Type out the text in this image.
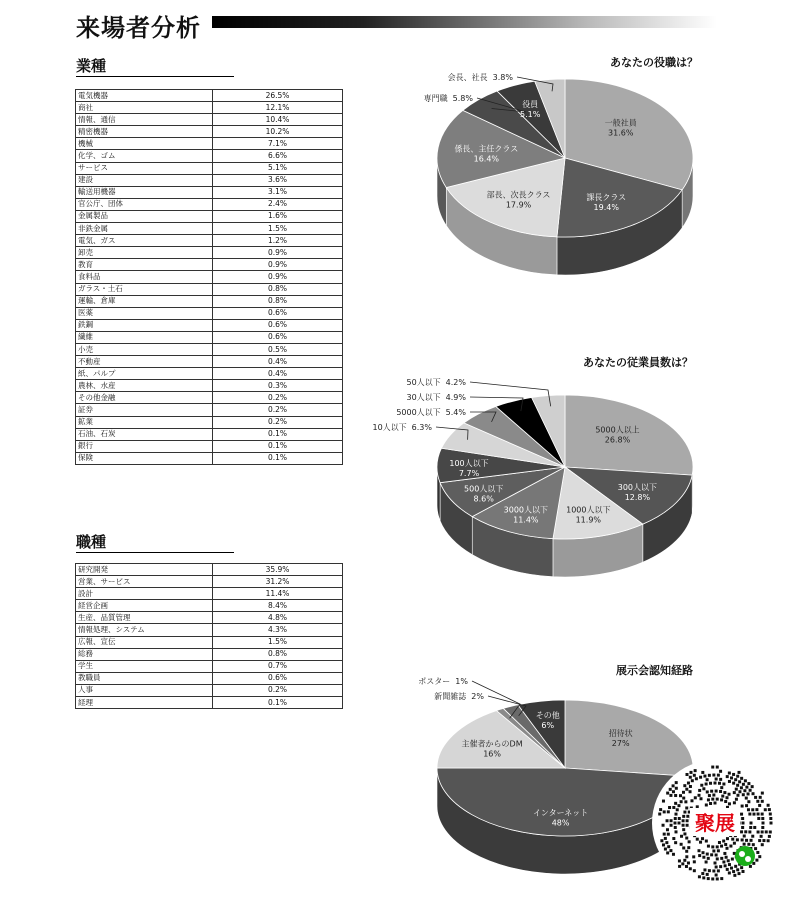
来場者分析
業種
電気機器	26.5%
商社	12.1%
情報、通信	10.4%
精密機器	10.2%
機械	7.1%
化学、ゴム	6.6%
サービス	5.1%
建設	3.6%
輸送用機器	3.1%
官公庁、団体	2.4%
金属製品	1.6%
非鉄金属	1.5%
電気、ガス	1.2%
卸売	0.9%
教育	0.9%
食料品	0.9%
ガラス・土石	0.8%
運輸、倉庫	0.8%
医薬	0.6%
鉄鋼	0.6%
繊維	0.6%
小売	0.5%
不動産	0.4%
紙、パルプ	0.4%
農林、水産	0.3%
その他金融	0.2%
証券	0.2%
鉱業	0.2%
石油、石炭	0.1%
銀行	0.1%
保険	0.1%
職種
研究開発	35.9%
営業、サービス	31.2%
設計	11.4%
経営企画	8.4%
生産、品質管理	4.8%
情報処理、システム	4.3%
広報、宣伝	1.5%
総務	0.8%
学生	0.7%
教職員	0.6%
人事	0.2%
経理	0.1%
一般社員
31.6%
課長クラス
19.4%
部長、次長クラス
17.9%
係長、主任クラス
16.4%
専門職 5.8%
役員
5.1%
会長、社長 3.8%
あなたの役職は？
5000人以上
26.8%
300人以下
12.8%
1000人以下
11.9%
3000人以下
11.4%
500人以下
8.6%
100人以下
7.7%
10人以下 6.3%
5000人以下 5.4%
30人以下 4.9%
50人以下 4.2%
あなたの従業員数は？
招待状
27%
インターネット
48%
主催者からのDM
16%
ポスター 1%
新聞雑誌 2%
その他
6%
展示会認知経路
聚展
